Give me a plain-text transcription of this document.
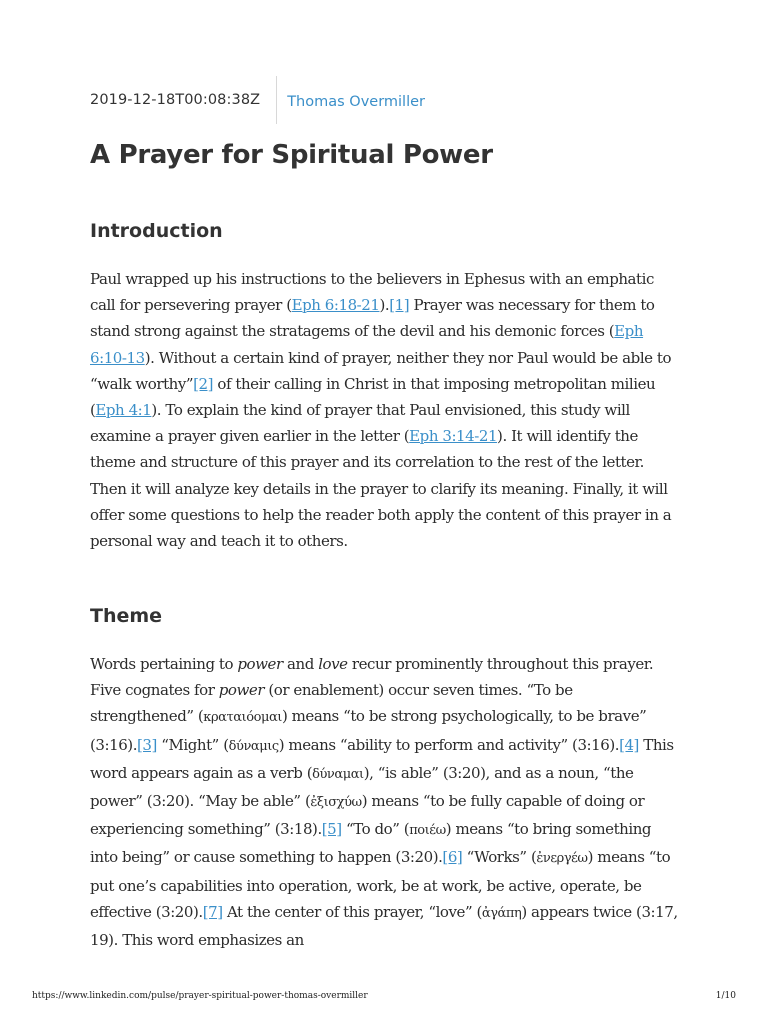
2019-12-18T00:08:38Z Thomas Overmiller
A Prayer for Spiritual Power
Introduction

Paul wrapped up his instructions to the believers in Ephesus with an emphatic call for persevering prayer (Eph 6:18-21).[1] Prayer was necessary for them to stand strong against the stratagems of the devil and his demonic forces (Eph 6:10-13). Without a certain kind of prayer, neither they nor Paul would be able to “walk worthy”[2] of their calling in Christ in that imposing metropolitan milieu (Eph 4:1). To explain the kind of prayer that Paul envisioned, this study will examine a prayer given earlier in the letter (Eph 3:14-21). It will identify the theme and structure of this prayer and its correlation to the rest of the letter. Then it will analyze key details in the prayer to clarify its meaning. Finally, it will offer some questions to help the reader both apply the content of this prayer in a personal way and teach it to others.

Theme

Words pertaining to power and love recur prominently throughout this prayer. Five cognates for power (or enablement) occur seven times. “To be strengthened” (κραταιόομαι) means “to be strong psychologically, to be brave” (3:16).[3] “Might” (δύναμις) means “ability to perform and activity” (3:16).[4] This word appears again as a verb (δύναμαι), “is able” (3:20), and as a noun, “the power” (3:20). “May be able” (ἐξισχύω) means “to be fully capable of doing or experiencing something” (3:18).[5] “To do” (ποιέω) means “to bring something into being” or cause something to happen (3:20).[6] “Works” (ἐνεργέω) means “to put one’s capabilities into operation, work, be at work, be active, operate, be effective (3:20).[7] At the center of this prayer, “love” (ἀγάπη) appears twice (3:17, 19). This word emphasizes an

https://www.linkedin.com/pulse/prayer-spiritual-power-thomas-overmiller	1/10
